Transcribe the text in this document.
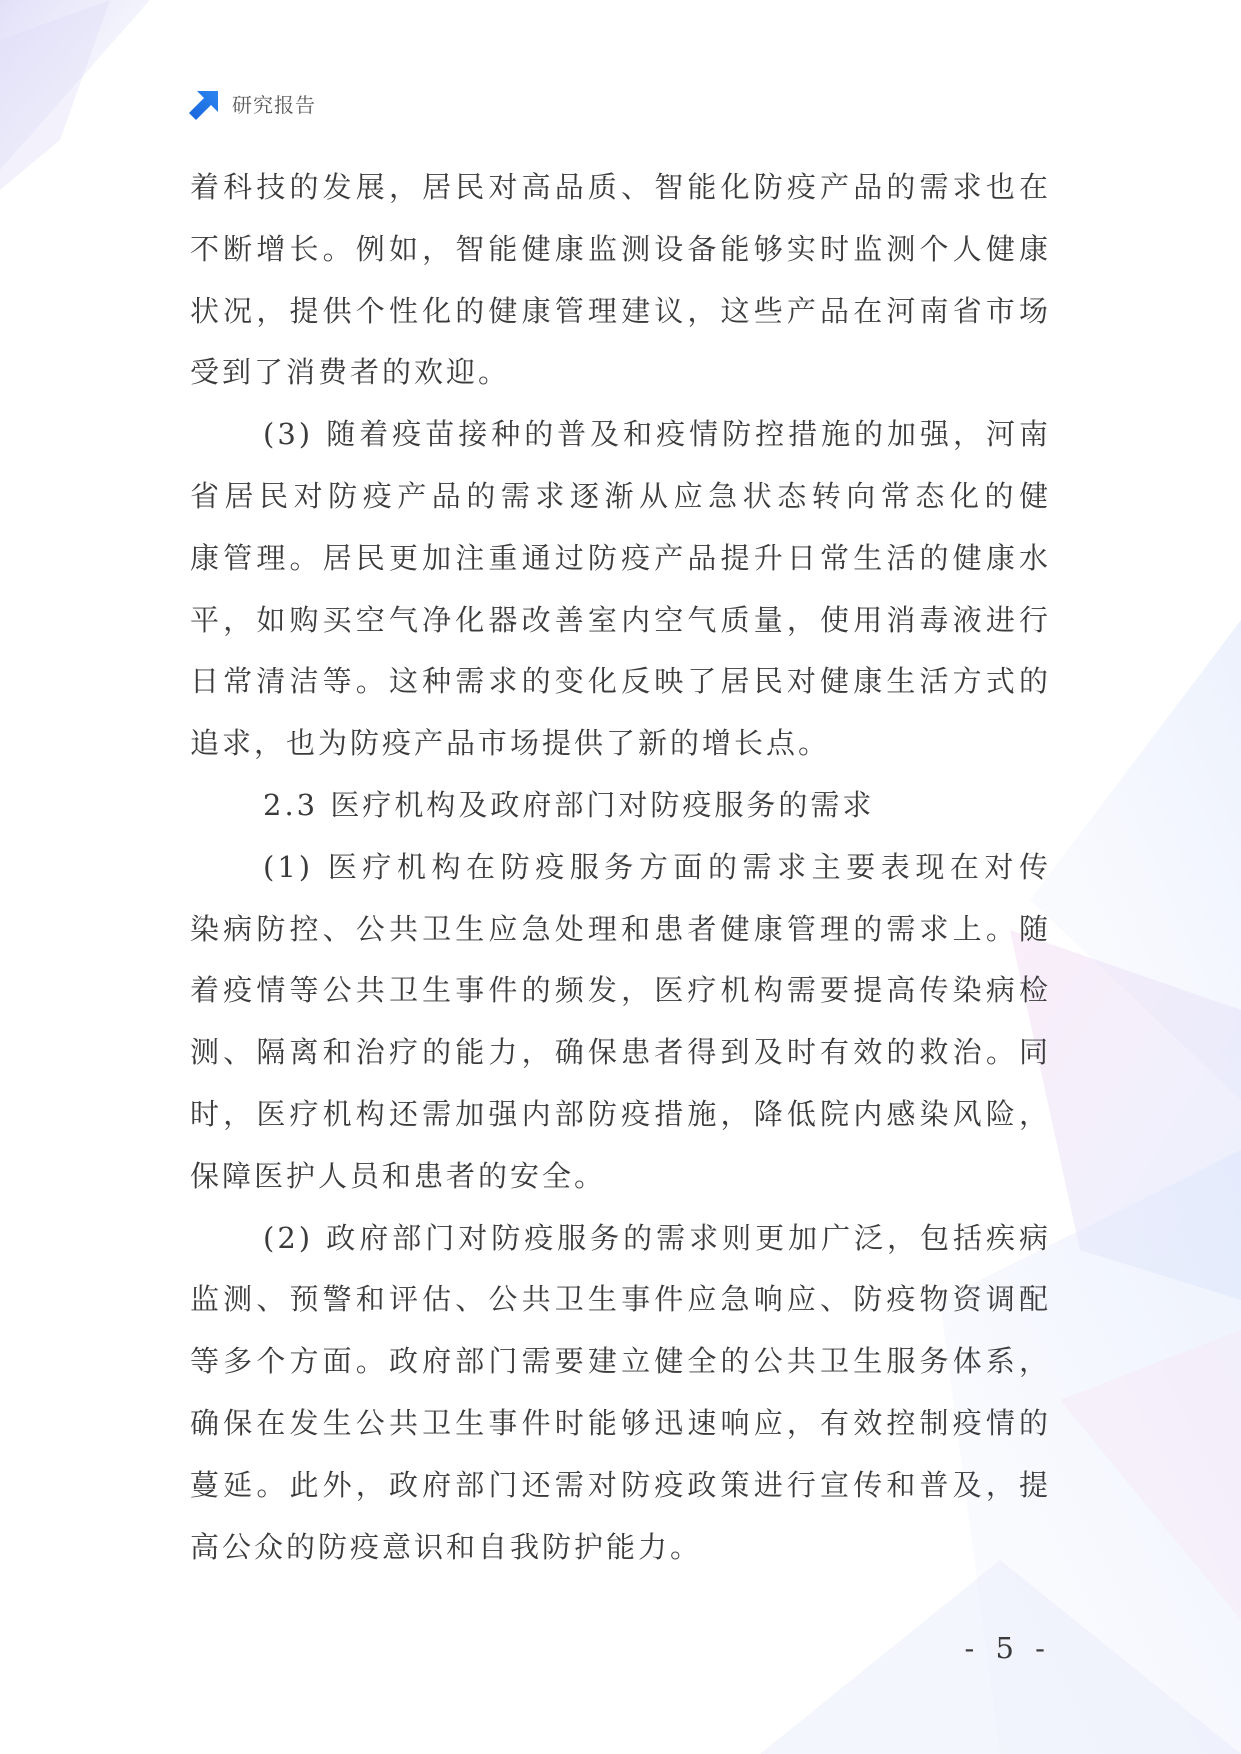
研究报告
着科技的发展，居民对高品质、智能化防疫产品的需求也在
不断增长。例如，智能健康监测设备能够实时监测个人健康
状况，提供个性化的健康管理建议，这些产品在河南省市场
受到了消费者的欢迎。
(3) 随着疫苗接种的普及和疫情防控措施的加强，河南
省居民对防疫产品的需求逐渐从应急状态转向常态化的健
康管理。居民更加注重通过防疫产品提升日常生活的健康水
平，如购买空气净化器改善室内空气质量，使用消毒液进行
日常清洁等。这种需求的变化反映了居民对健康生活方式的
追求，也为防疫产品市场提供了新的增长点。
2.3 医疗机构及政府部门对防疫服务的需求
(1) 医疗机构在防疫服务方面的需求主要表现在对传
染病防控、公共卫生应急处理和患者健康管理的需求上。随
着疫情等公共卫生事件的频发，医疗机构需要提高传染病检
测、隔离和治疗的能力，确保患者得到及时有效的救治。同
时，医疗机构还需加强内部防疫措施，降低院内感染风险，
保障医护人员和患者的安全。
(2) 政府部门对防疫服务的需求则更加广泛，包括疾病
监测、预警和评估、公共卫生事件应急响应、防疫物资调配
等多个方面。政府部门需要建立健全的公共卫生服务体系，
确保在发生公共卫生事件时能够迅速响应，有效控制疫情的
蔓延。此外，政府部门还需对防疫政策进行宣传和普及，提
高公众的防疫意识和自我防护能力。
- 5 -
